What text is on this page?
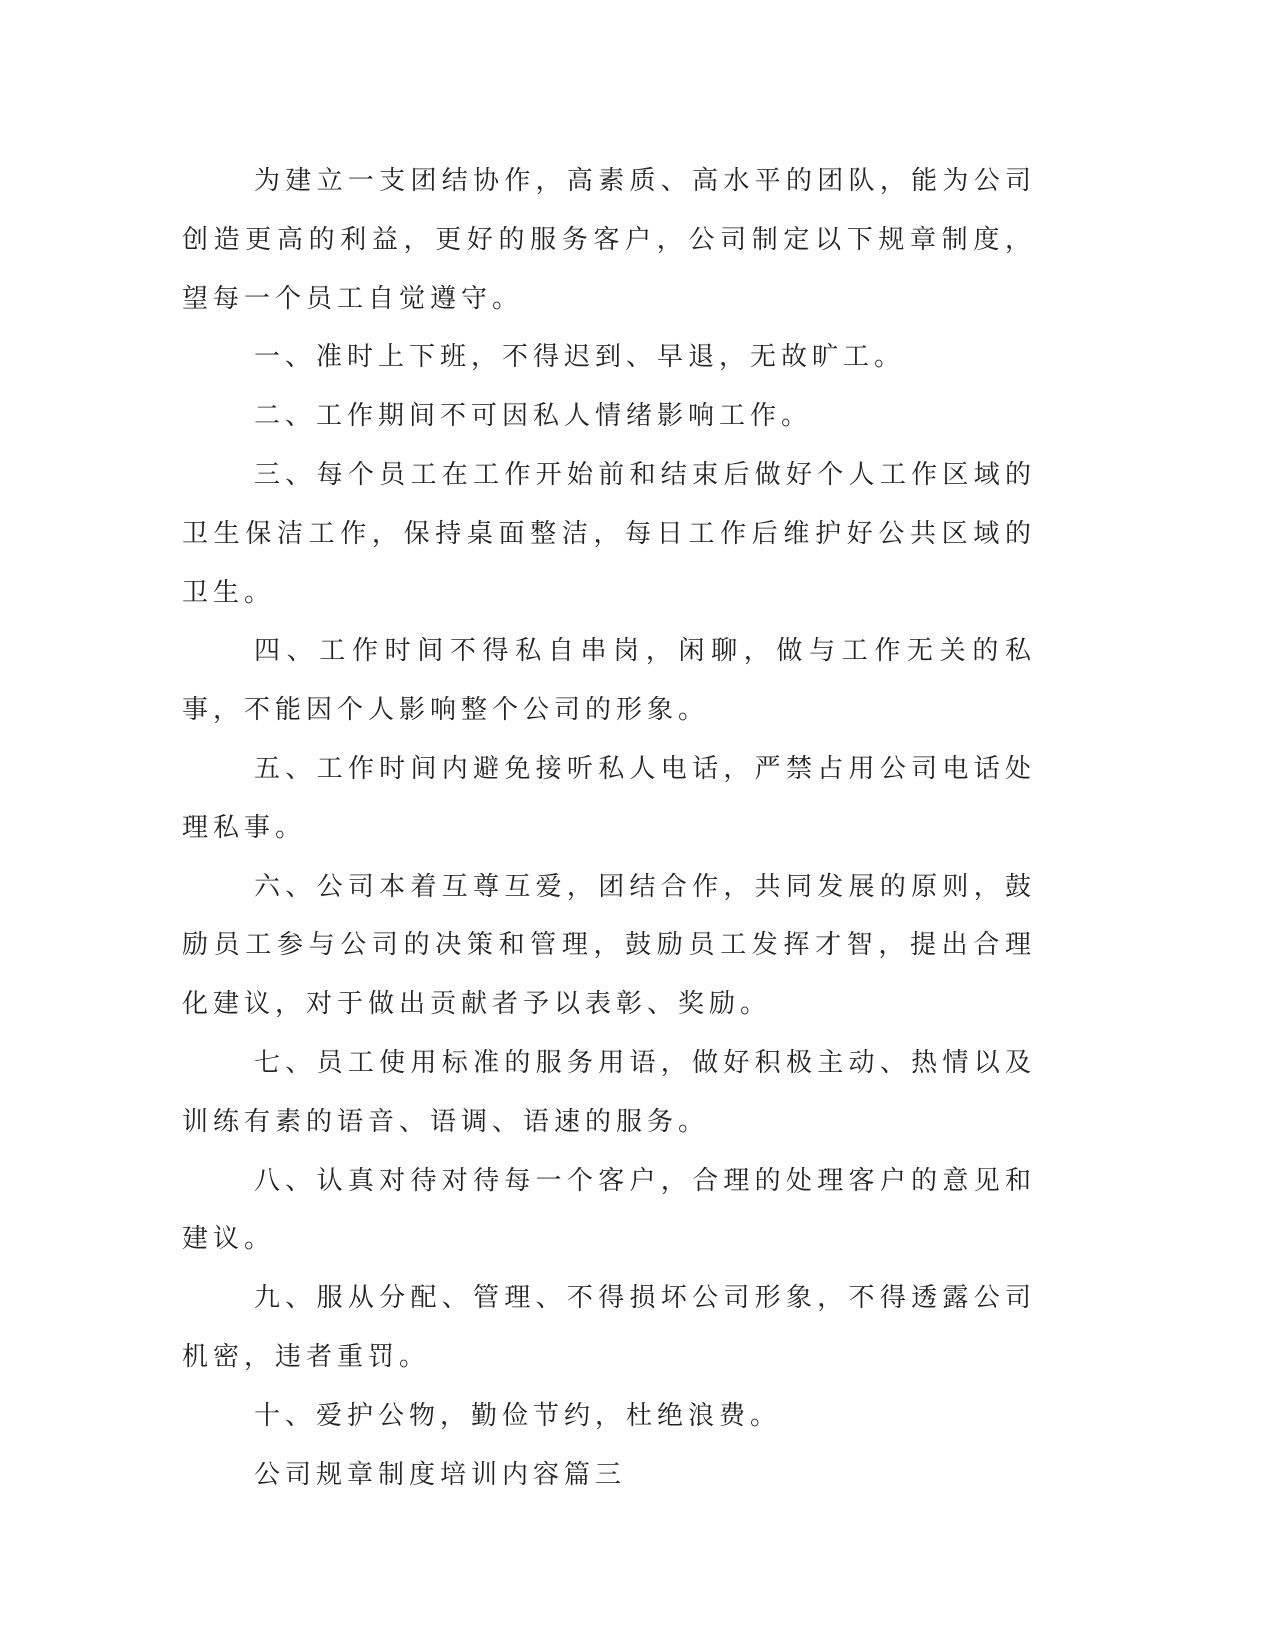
为建立一支团结协作，高素质、高水平的团队，能为公司创造更高的利益，更好的服务客户，公司制定以下规章制度，望每一个员工自觉遵守。

一、准时上下班，不得迟到、早退，无故旷工。

二、工作期间不可因私人情绪影响工作。

三、每个员工在工作开始前和结束后做好个人工作区域的卫生保洁工作，保持桌面整洁，每日工作后维护好公共区域的卫生。

四、工作时间不得私自串岗，闲聊，做与工作无关的私事，不能因个人影响整个公司的形象。

五、工作时间内避免接听私人电话，严禁占用公司电话处理私事。

六、公司本着互尊互爱，团结合作，共同发展的原则，鼓励员工参与公司的决策和管理，鼓励员工发挥才智，提出合理化建议，对于做出贡献者予以表彰、奖励。

七、员工使用标准的服务用语，做好积极主动、热情以及训练有素的语音、语调、语速的服务。

八、认真对待对待每一个客户，合理的处理客户的意见和建议。

九、服从分配、管理、不得损坏公司形象，不得透露公司机密，违者重罚。

十、爱护公物，勤俭节约，杜绝浪费。

公司规章制度培训内容篇三
